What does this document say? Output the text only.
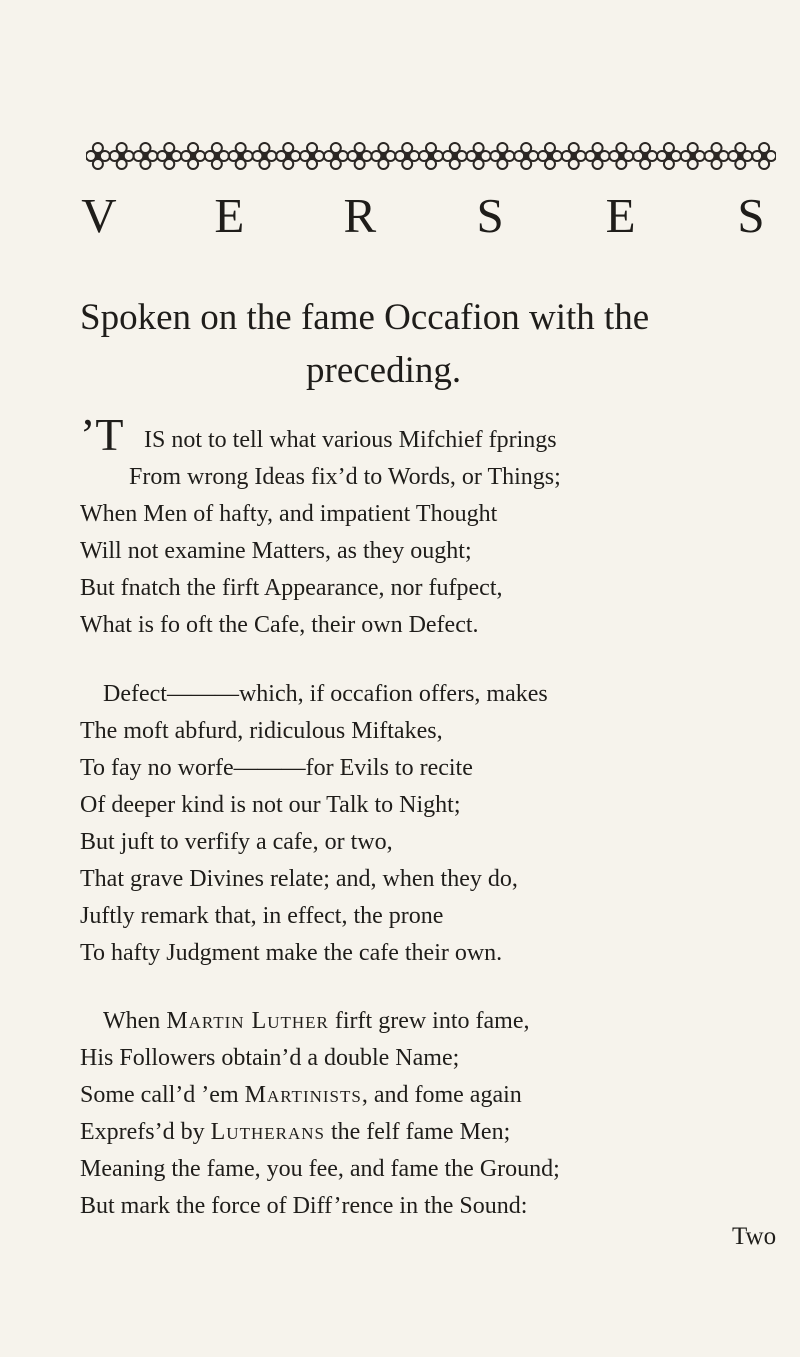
V E R S E S
Spoken on the fame Occafion with the
preceding.
’T IS not to tell what various Mifchief fprings
From wrong Ideas fix’d to Words, or Things;
When Men of hafty, and impatient Thought
Will not examine Matters, as they ought;
But fnatch the firft Appearance, nor fufpect,
What is fo oft the Cafe, their own Defect.
Defect———which, if occafion offers, makes
The moft abfurd, ridiculous Miftakes,
To fay no worfe———for Evils to recite
Of deeper kind is not our Talk to Night;
But juft to verfify a cafe, or two,
That grave Divines relate; and, when they do,
Juftly remark that, in effect, the prone
To hafty Judgment make the cafe their own.
When Martin Luther firft grew into fame,
His Followers obtain’d a double Name;
Some call’d ’em Martinists, and fome again
Exprefs’d by Lutherans the felf fame Men;
Meaning the fame, you fee, and fame the Ground;
But mark the force of Diff’rence in the Sound:
Two
